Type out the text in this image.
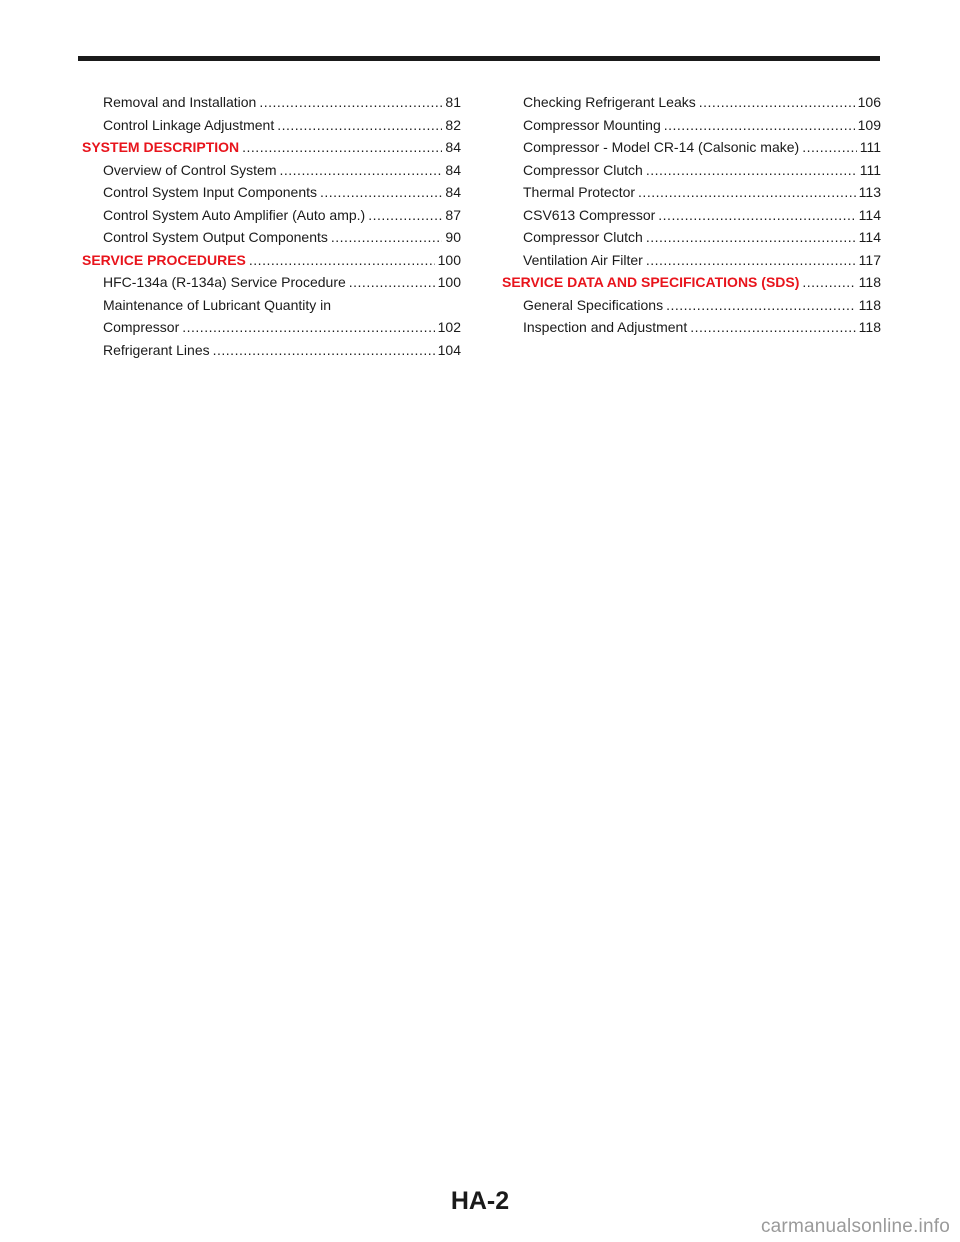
Removal and Installation .....	81
Control Linkage Adjustment .....	82
SYSTEM DESCRIPTION .....	84
Overview of Control System .....	84
Control System Input Components .....	84
Control System Auto Amplifier (Auto amp.) .....	87
Control System Output Components .....	90
SERVICE PROCEDURES .....	100
HFC-134a (R-134a) Service Procedure .....	100
Maintenance of Lubricant Quantity in
Compressor .....	102
Refrigerant Lines .....	104
Checking Refrigerant Leaks .....	106
Compressor Mounting .....	109
Compressor - Model CR-14 (Calsonic make) .....	111
Compressor Clutch .....	111
Thermal Protector .....	113
CSV613 Compressor .....	114
Compressor Clutch .....	114
Ventilation Air Filter .....	117
SERVICE DATA AND SPECIFICATIONS (SDS) .....	118
General Specifications .....	118
Inspection and Adjustment .....	118
HA-2
carmanualsonline.info
